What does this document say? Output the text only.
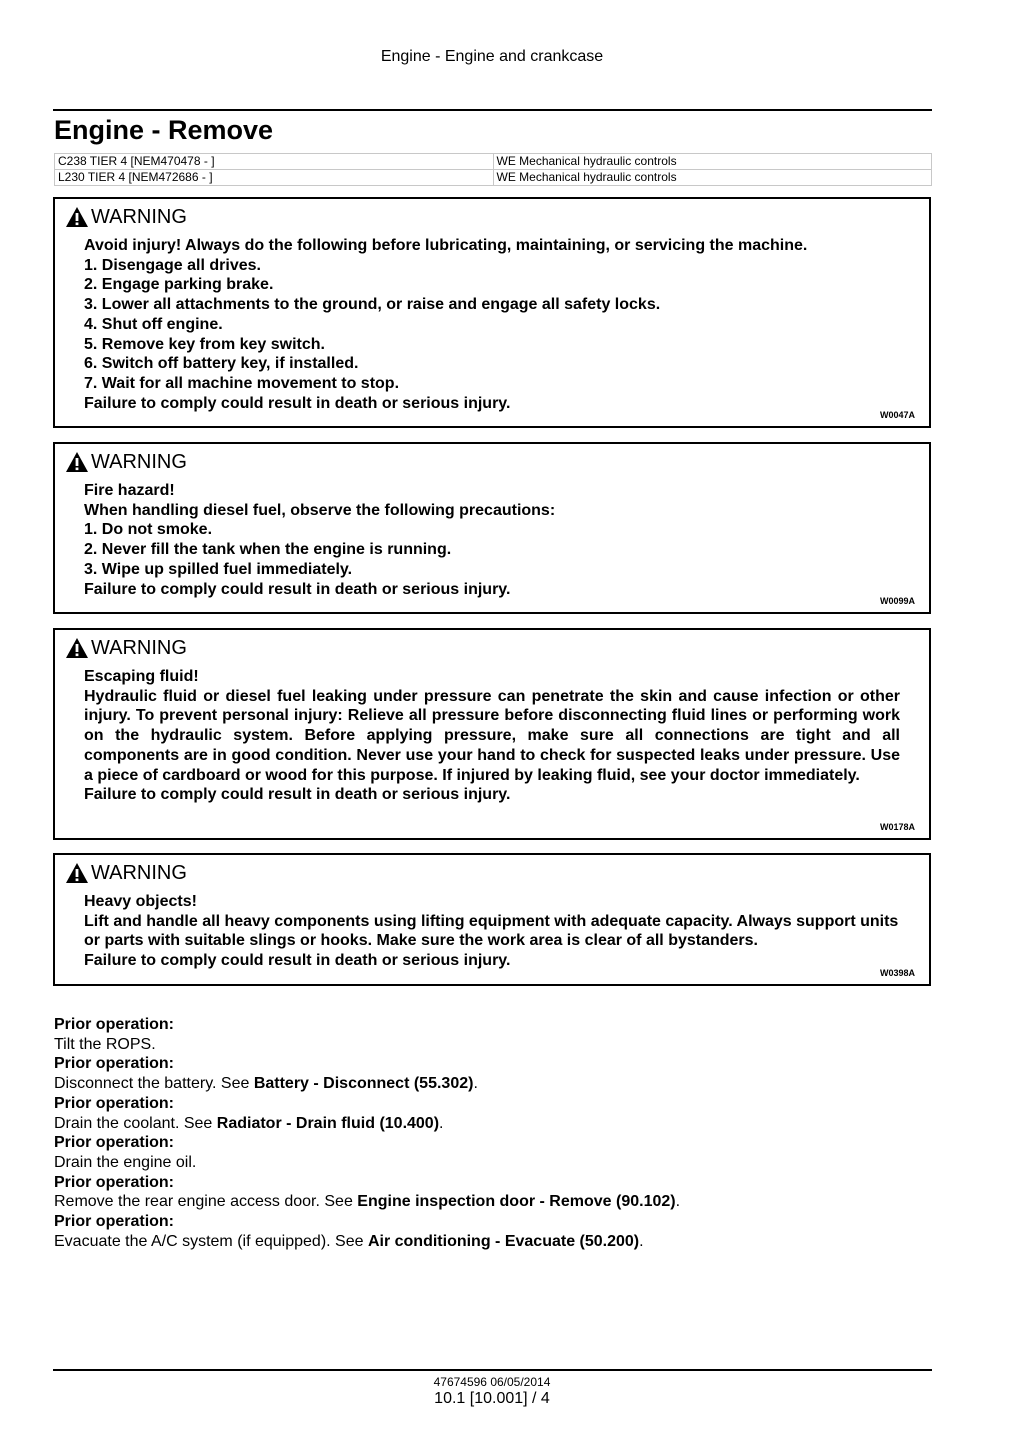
Engine - Engine and crankcase
Engine - Remove
C238 TIER 4 [NEM470478 - ]	WE Mechanical hydraulic controls
L230 TIER 4 [NEM472686 - ]	WE Mechanical hydraulic controls
WARNING

Avoid injury! Always do the following before lubricating, maintaining, or servicing the machine.

1. Disengage all drives.

2. Engage parking brake.

3. Lower all attachments to the ground, or raise and engage all safety locks.

4. Shut off engine.

5. Remove key from key switch.

6. Switch off battery key, if installed.

7. Wait for all machine movement to stop.

Failure to comply could result in death or serious injury.

W0047A
WARNING

Fire hazard!

When handling diesel fuel, observe the following precautions:

1. Do not smoke.

2. Never fill the tank when the engine is running.

3. Wipe up spilled fuel immediately.

Failure to comply could result in death or serious injury.

W0099A
WARNING

Escaping fluid!

Hydraulic fluid or diesel fuel leaking under pressure can penetrate the skin and cause infection or other injury. To prevent personal injury: Relieve all pressure before disconnecting fluid lines or performing work on the hydraulic system. Before applying pressure, make sure all connections are tight and all components are in good condition. Never use your hand to check for suspected leaks under pressure. Use a piece of cardboard or wood for this purpose. If injured by leaking fluid, see your doctor immediately.

Failure to comply could result in death or serious injury.

W0178A
WARNING

Heavy objects!

Lift and handle all heavy components using lifting equipment with adequate capacity. Always support units or parts with suitable slings or hooks. Make sure the work area is clear of all bystanders.

Failure to comply could result in death or serious injury.

W0398A

Prior operation:

Tilt the ROPS.

Prior operation:

Disconnect the battery. See Battery - Disconnect (55.302).

Prior operation:

Drain the coolant. See Radiator - Drain fluid (10.400).

Prior operation:

Drain the engine oil.

Prior operation:

Remove the rear engine access door. See Engine inspection door - Remove (90.102).

Prior operation:

Evacuate the A/C system (if equipped). See Air conditioning - Evacuate (50.200).

47674596 06/05/2014
10.1 [10.001] / 4
